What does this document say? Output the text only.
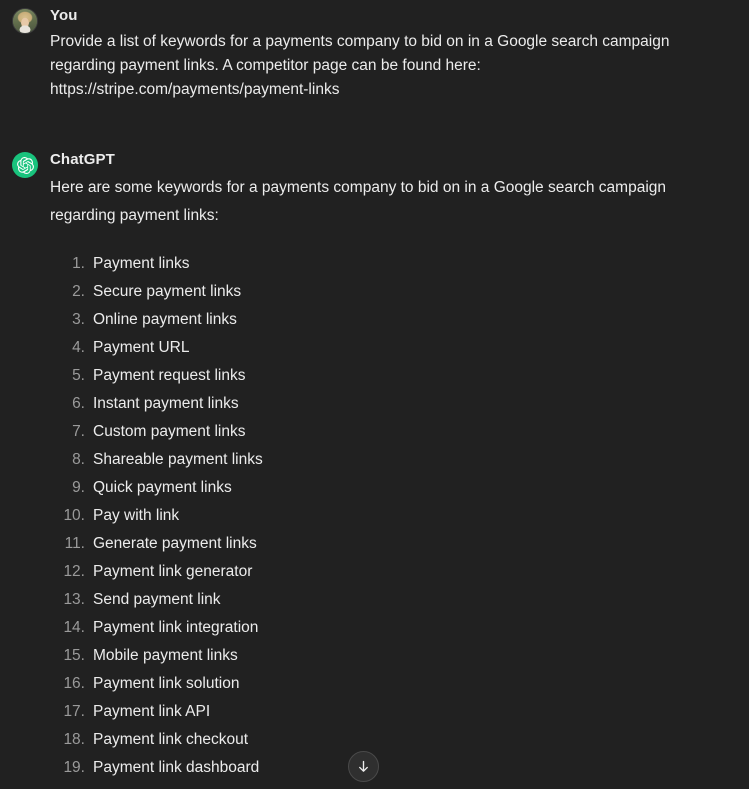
You
Provide a list of keywords for a payments company to bid on in a Google search campaign regarding payment links. A competitor page can be found here: https://stripe.com/payments/payment-links
ChatGPT
Here are some keywords for a payments company to bid on in a Google search campaign regarding payment links:
1. Payment links
2. Secure payment links
3. Online payment links
4. Payment URL
5. Payment request links
6. Instant payment links
7. Custom payment links
8. Shareable payment links
9. Quick payment links
10. Pay with link
11. Generate payment links
12. Payment link generator
13. Send payment link
14. Payment link integration
15. Mobile payment links
16. Payment link solution
17. Payment link API
18. Payment link checkout
19. Payment link dashboard
